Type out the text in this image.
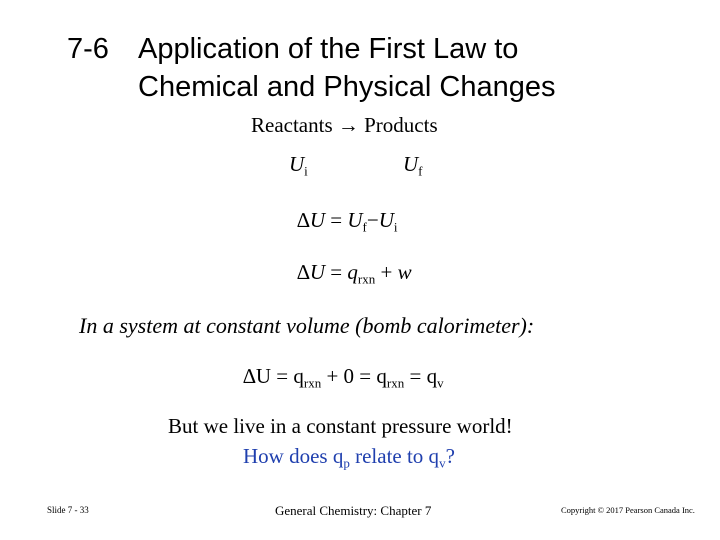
7-6 Application of the First Law to
Chemical and Physical Changes
Reactants → Products
$U_i$	$U_f$
$\Delta U = U_f-U_i$
$\Delta U = q_{rxn} + w$
In a system at constant volume (bomb calorimeter):
$\Delta U = q_{rxn} + 0 = q_{rxn} = q_v$
But we live in a constant pressure world!
How does $q_p$ relate to $q_v$?
Slide 7 - 33	General Chemistry: Chapter 7	Copyright © 2017 Pearson Canada Inc.
